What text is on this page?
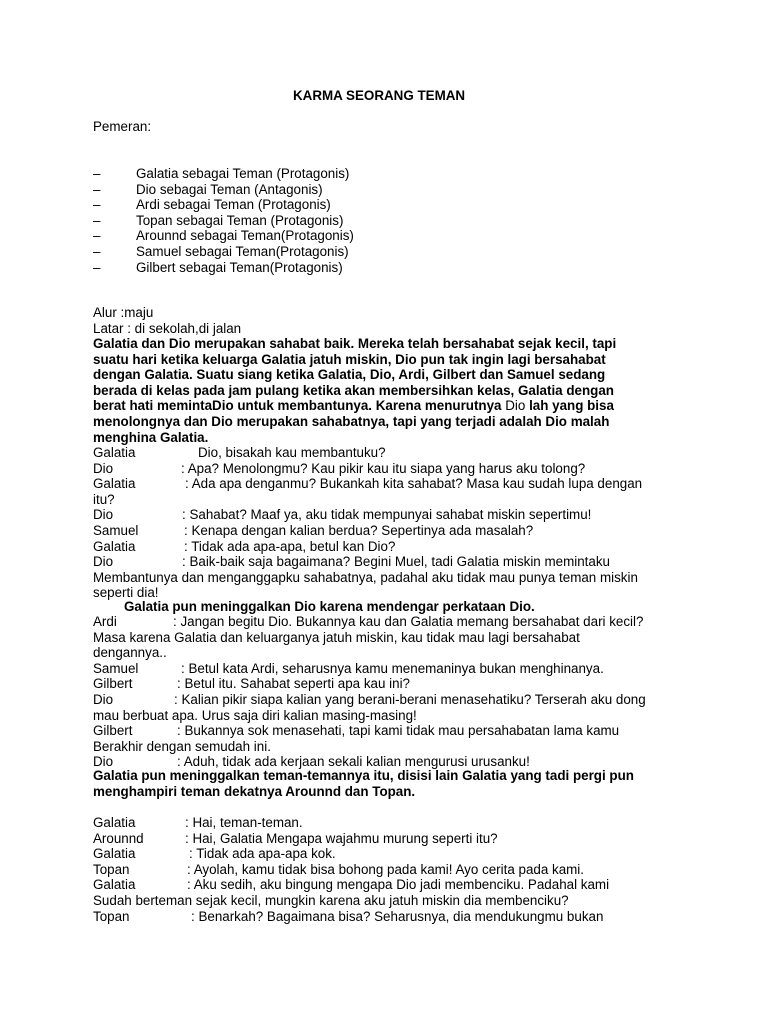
KARMA SEORANG TEMAN
Pemeran:
–	Galatia sebagai Teman (Protagonis)
–	Dio sebagai Teman (Antagonis)
–	Ardi sebagai Teman (Protagonis)
–	Topan sebagai Teman (Protagonis)
–	Arounnd sebagai Teman(Protagonis)
–	Samuel sebagai Teman(Protagonis)
–	Gilbert sebagai Teman(Protagonis)
Alur :maju
Latar : di sekolah,di jalan
Galatia dan Dio merupakan sahabat baik. Mereka telah bersahabat sejak kecil, tapi
suatu hari ketika keluarga Galatia jatuh miskin, Dio pun tak ingin lagi bersahabat
dengan Galatia. Suatu siang ketika Galatia, Dio, Ardi, Gilbert dan Samuel sedang
berada di kelas pada jam pulang ketika akan membersihkan kelas, Galatia dengan
berat hati memintaDio untuk membantunya. Karena menurutnya Dio lah yang bisa
menolongnya dan Dio merupakan sahabatnya, tapi yang terjadi adalah Dio malah
menghina Galatia.
Galatia	Dio, bisakah kau membantuku?
Dio	: Apa? Menolongmu? Kau pikir kau itu siapa yang harus aku tolong?
Galatia	: Ada apa denganmu? Bukankah kita sahabat? Masa kau sudah lupa dengan
itu?
Dio	: Sahabat? Maaf ya, aku tidak mempunyai sahabat miskin sepertimu!
Samuel	: Kenapa dengan kalian berdua? Sepertinya ada masalah?
Galatia	: Tidak ada apa-apa, betul kan Dio?
Dio	: Baik-baik saja bagaimana? Begini Muel, tadi Galatia miskin memintaku
Membantunya dan menganggapku sahabatnya, padahal aku tidak mau punya teman miskin
seperti dia!
Galatia pun meninggalkan Dio karena mendengar perkataan Dio.
Ardi	: Jangan begitu Dio. Bukannya kau dan Galatia memang bersahabat dari kecil?
Masa karena Galatia dan keluarganya jatuh miskin, kau tidak mau lagi bersahabat
dengannya..
Samuel	: Betul kata Ardi, seharusnya kamu menemaninya bukan menghinanya.
Gilbert	: Betul itu. Sahabat seperti apa kau ini?
Dio	: Kalian pikir siapa kalian yang berani-berani menasehatiku? Terserah aku dong
mau berbuat apa. Urus saja diri kalian masing-masing!
Gilbert	: Bukannya sok menasehati, tapi kami tidak mau persahabatan lama kamu
Berakhir dengan semudah ini.
Dio	: Aduh, tidak ada kerjaan sekali kalian mengurusi urusanku!
Galatia pun meninggalkan teman-temannya itu, disisi lain Galatia yang tadi pergi pun
menghampiri teman dekatnya Arounnd dan Topan.
Galatia	: Hai, teman-teman.
Arounnd	: Hai, Galatia Mengapa wajahmu murung seperti itu?
Galatia	: Tidak ada apa-apa kok.
Topan	: Ayolah, kamu tidak bisa bohong pada kami! Ayo cerita pada kami.
Galatia	: Aku sedih, aku bingung mengapa Dio jadi membenciku. Padahal kami
Sudah berteman sejak kecil, mungkin karena aku jatuh miskin dia membenciku?
Topan	: Benarkah? Bagaimana bisa? Seharusnya, dia mendukungmu bukan
